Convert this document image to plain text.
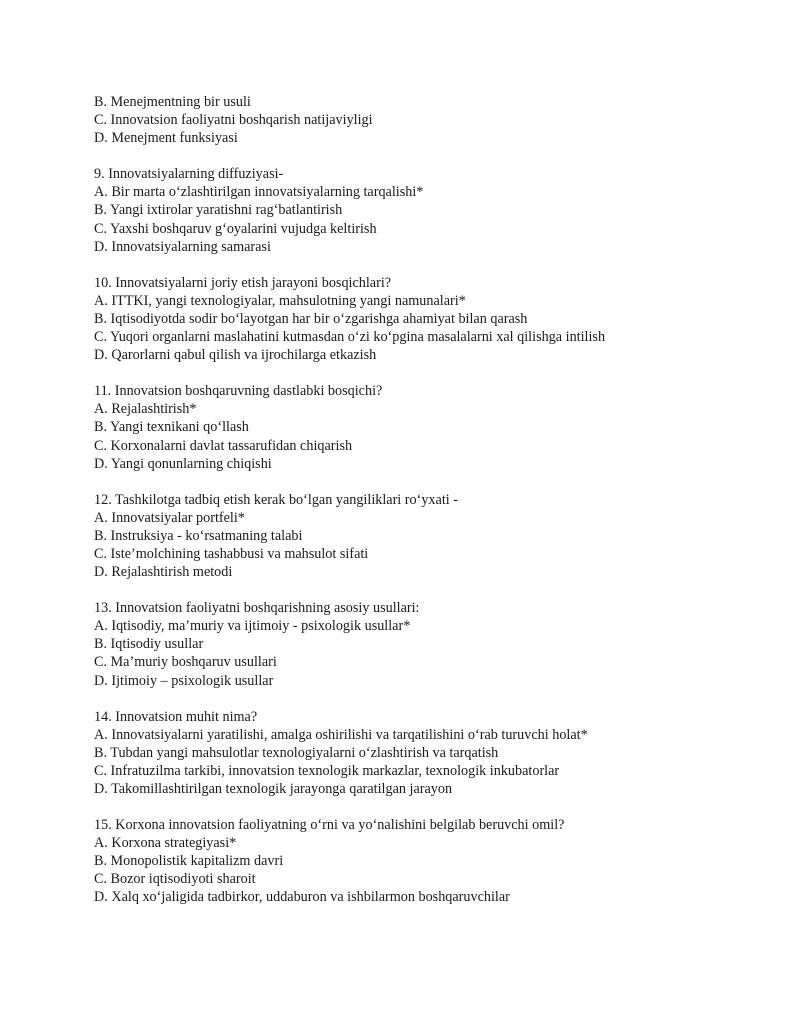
B. Menejmentning bir usuli

C. Innovatsion faoliyatni boshqarish natijaviyligi

D. Menejment funksiyasi

9. Innovatsiyalarning diffuziyasi-

A. Bir marta o‘zlashtirilgan innovatsiyalarning tarqalishi*

B. Yangi ixtirolar yaratishni rag‘batlantirish

C. Yaxshi boshqaruv g‘oyalarini vujudga keltirish

D. Innovatsiyalarning samarasi

10. Innovatsiyalarni joriy etish jarayoni bosqichlari?

A. ITTKI, yangi texnologiyalar, mahsulotning yangi namunalari*

B. Iqtisodiyotda sodir bo‘layotgan har bir o‘zgarishga ahamiyat bilan qarash

C. Yuqori organlarni maslahatini kutmasdan o‘zi ko‘pgina masalalarni xal qilishga intilish

D. Qarorlarni qabul qilish va ijrochilarga etkazish

11. Innovatsion boshqaruvning dastlabki bosqichi?

A. Rejalashtirish*

B. Yangi texnikani qo‘llash

C. Korxonalarni davlat tassarufidan chiqarish

D. Yangi qonunlarning chiqishi

12. Tashkilotga tadbiq etish kerak bo‘lgan yangiliklari ro‘yxati -

A. Innovatsiyalar portfeli*

B. Instruksiya - ko‘rsatmaning talabi

C. Iste’molchining tashabbusi va mahsulot sifati

D. Rejalashtirish metodi

13. Innovatsion faoliyatni boshqarishning asosiy usullari:

A. Iqtisodiy, ma’muriy va ijtimoiy - psixologik usullar*

B. Iqtisodiy usullar

C. Ma’muriy boshqaruv usullari

D. Ijtimoiy – psixologik usullar

14. Innovatsion muhit nima?

A. Innovatsiyalarni yaratilishi, amalga oshirilishi va tarqatilishini o‘rab turuvchi holat*

B. Tubdan yangi mahsulotlar texnologiyalarni o‘zlashtirish va tarqatish

C. Infratuzilma tarkibi, innovatsion texnologik markazlar, texnologik inkubatorlar

D. Takomillashtirilgan texnologik jarayonga qaratilgan jarayon

15. Korxona innovatsion faoliyatning o‘rni va yo‘nalishini belgilab beruvchi omil?

A. Korxona strategiyasi*

B. Monopolistik kapitalizm davri

C. Bozor iqtisodiyoti sharoit

D. Xalq xo‘jaligida tadbirkor, uddaburon va ishbilarmon boshqaruvchilar
